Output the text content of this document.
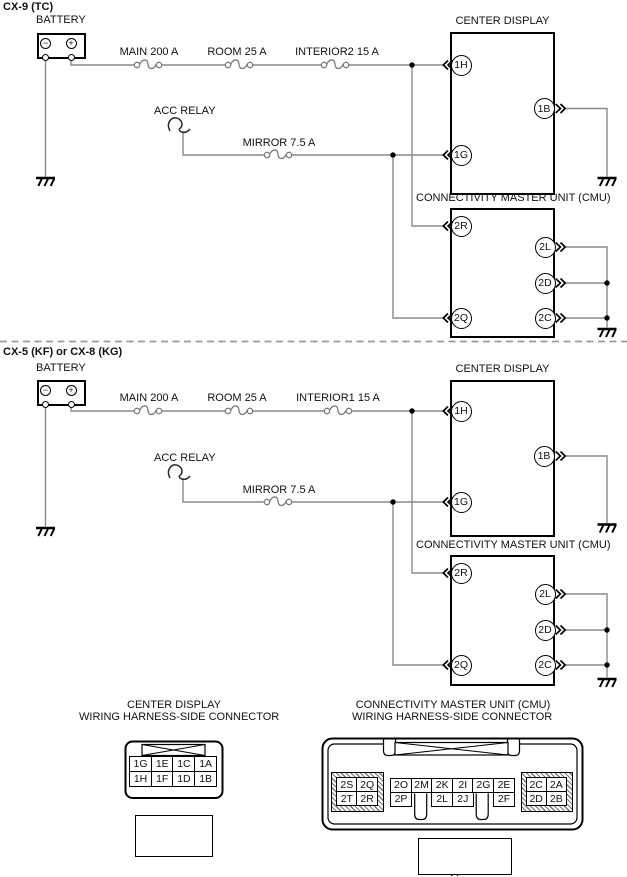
CX-9 (TC)
BATTERY
−	+
MAIN 200 A	ROOM 25 A	INTERIOR2 15 A
ACC RELAY
MIRROR 7.5 A
CENTER DISPLAY
CONNECTIVITY MASTER UNIT (CMU)
1H
1G
1B
2R
2Q
2L
2D
2C
CX-5 (KF) or CX-8 (KG)
BATTERY
−	+
MAIN 200 A	ROOM 25 A	INTERIOR1 15 A
ACC RELAY
MIRROR 7.5 A
CENTER DISPLAY
CONNECTIVITY MASTER UNIT (CMU)
1H
1G
1B
2R
2Q
2L
2D
2C
CENTER DISPLAY
WIRING HARNESS-SIDE CONNECTOR
1G 1E 1C 1A
1H 1F 1D 1B
CONNECTIVITY MASTER UNIT (CMU)
WIRING HARNESS-SIDE CONNECTOR
2S 2Q
2T 2R
2O 2M 2K 2I 2G 2E
2P	2L 2J	2F
2C 2A
2D 2B
